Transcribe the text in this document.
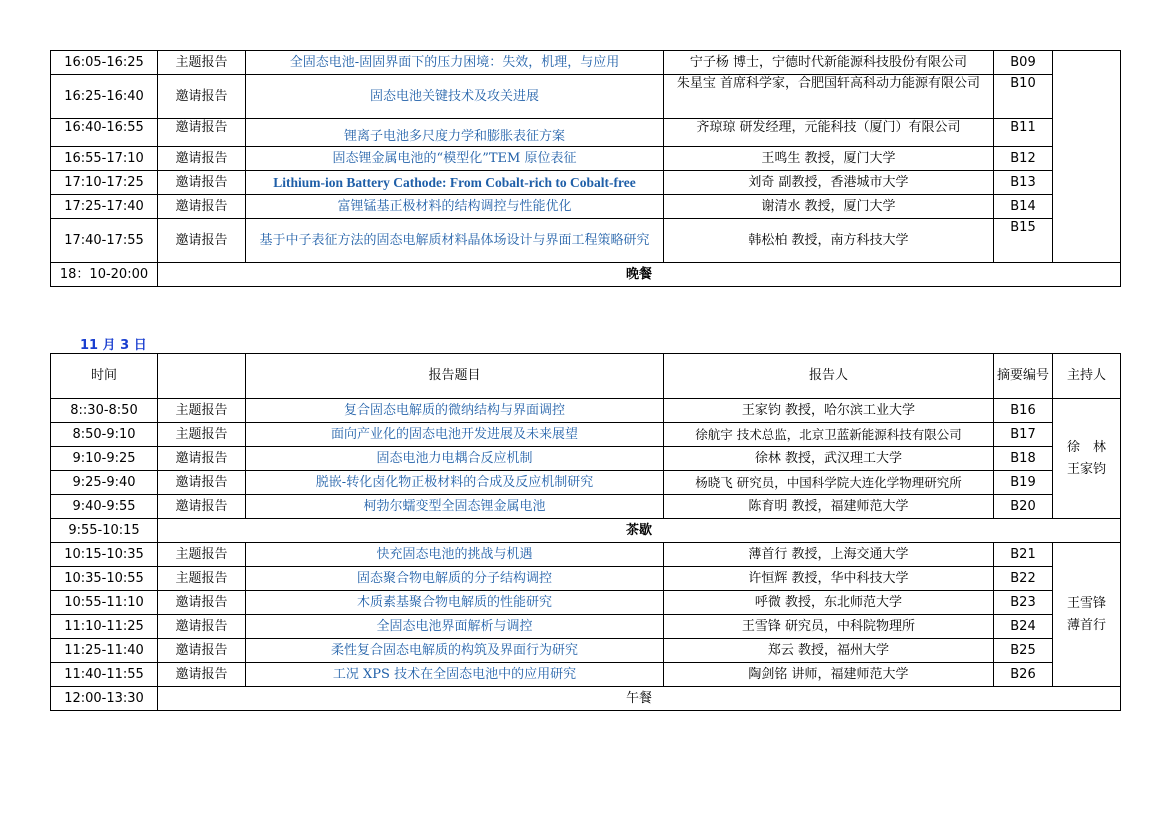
16:05-16:25	主题报告	全固态电池-固固界面下的压力困境：失效，机理，与应用	宁子杨 博士，宁德时代新能源科技股份有限公司	B09	
16:25-16:40	邀请报告	固态电池关键技术及攻关进展	朱星宝 首席科学家，合肥国轩高科动力能源有限公司	B10	
16:40-16:55	邀请报告	锂离子电池多尺度力学和膨胀表征方案	齐琼琼 研发经理，元能科技（厦门）有限公司	B11	
16:55-17:10	邀请报告	固态锂金属电池的“模型化”TEM 原位表征	王鸣生 教授，厦门大学	B12	
17:10-17:25	邀请报告	Lithium-ion Battery Cathode: From Cobalt-rich to Cobalt-free	刘奇 副教授，香港城市大学	B13	
17:25-17:40	邀请报告	富锂锰基正极材料的结构调控与性能优化	谢清水 教授，厦门大学	B14	
17:40-17:55	邀请报告	基于中子表征方法的固态电解质材料晶体场设计与界面工程策略研究	韩松柏 教授，南方科技大学	B15	
18：10-20:00	晚餐				
11 月 3 日
时间		报告题目	报告人	摘要编号	主持人
8::30-8:50	主题报告	复合固态电解质的微纳结构与界面调控	王家钧 教授，哈尔滨工业大学	B16	徐　林
王家钧

8:50-9:10	主题报告	面向产业化的固态电池开发进展及未来展望	徐航宇 技术总监，北京卫蓝新能源科技有限公司	B17	
9:10-9:25	邀请报告	固态电池力电耦合反应机制	徐林 教授，武汉理工大学	B18	
9:25-9:40	邀请报告	脱嵌-转化卤化物正极材料的合成及反应机制研究	杨晓飞 研究员，中国科学院大连化学物理研究所	B19	
9:40-9:55	邀请报告	柯勃尔蠕变型全固态锂金属电池	陈育明 教授，福建师范大学	B20	
9:55-10:15	茶歇				
10:15-10:35	主题报告	快充固态电池的挑战与机遇	薄首行 教授，上海交通大学	B21	王雪锋
薄首行

10:35-10:55	主题报告	固态聚合物电解质的分子结构调控	许恒辉 教授，华中科技大学	B22	
10:55-11:10	邀请报告	木质素基聚合物电解质的性能研究	呼微 教授，东北师范大学	B23	
11:10-11:25	邀请报告	全固态电池界面解析与调控	王雪锋 研究员，中科院物理所	B24	
11:25-11:40	邀请报告	柔性复合固态电解质的构筑及界面行为研究	郑云 教授，福州大学	B25	
11:40-11:55	邀请报告	工况 XPS 技术在全固态电池中的应用研究	陶剑铭 讲师，福建师范大学	B26	
12:00-13:30	午餐				
